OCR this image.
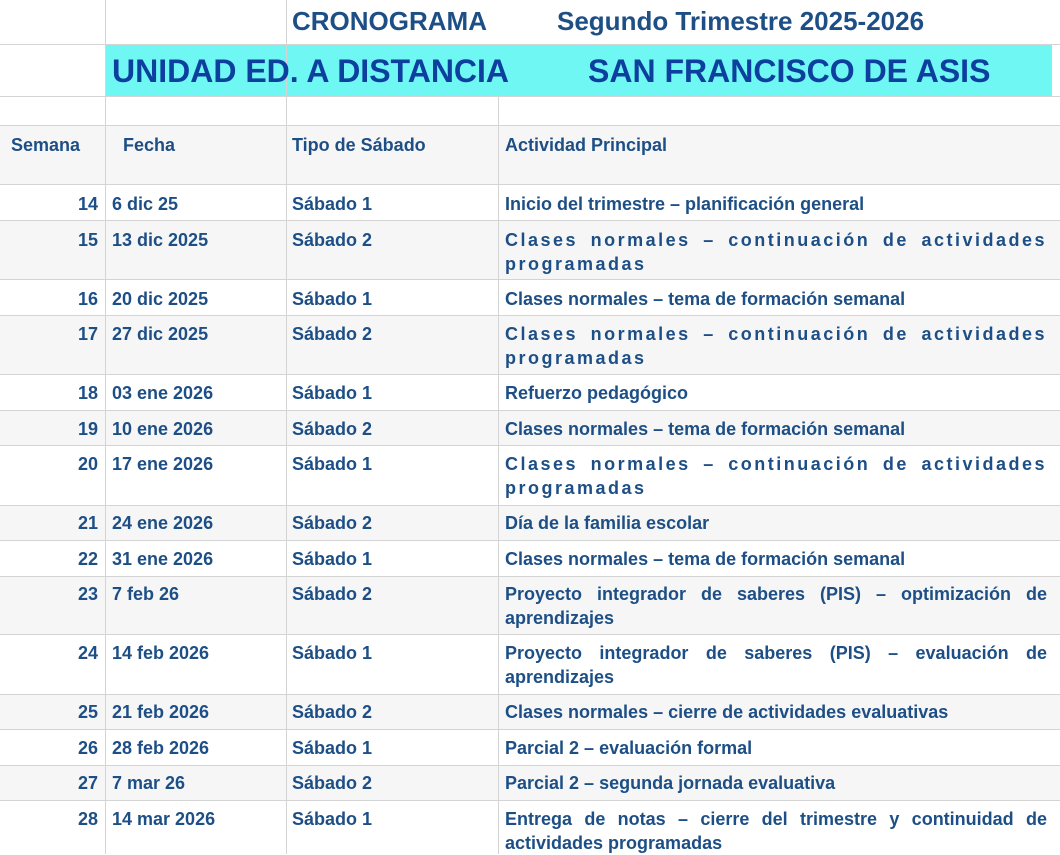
CRONOGRAMA	Segundo Trimestre 2025-2026
UNIDAD ED. A DISTANCIA SAN FRANCISCO DE ASIS
Semana Fecha	Tipo de Sábado	Actividad Principal
14 6 dic 25	Sábado 1	Inicio del trimestre – planificación general
15 13 dic 2025	Sábado 2	Clases normales – continuación de actividades programadas
16 20 dic 2025	Sábado 1	Clases normales – tema de formación semanal
17 27 dic 2025	Sábado 2	Clases normales – continuación de actividades programadas
18 03 ene 2026	Sábado 1	Refuerzo pedagógico
19 10 ene 2026	Sábado 2	Clases normales – tema de formación semanal
20 17 ene 2026	Sábado 1	Clases normales – continuación de actividades programadas
21 24 ene 2026	Sábado 2	Día de la familia escolar
22 31 ene 2026	Sábado 1	Clases normales – tema de formación semanal
23 7 feb 26	Sábado 2	Proyecto integrador de saberes (PIS) – optimización de aprendizajes
24 14 feb 2026	Sábado 1	Proyecto integrador de saberes (PIS) – evaluación de aprendizajes
25 21 feb 2026	Sábado 2	Clases normales – cierre de actividades evaluativas
26 28 feb 2026	Sábado 1	Parcial 2 – evaluación formal
27 7 mar 26	Sábado 2	Parcial 2 – segunda jornada evaluativa
28 14 mar 2026	Sábado 1	Entrega de notas – cierre del trimestre y continuidad de actividades programadas
